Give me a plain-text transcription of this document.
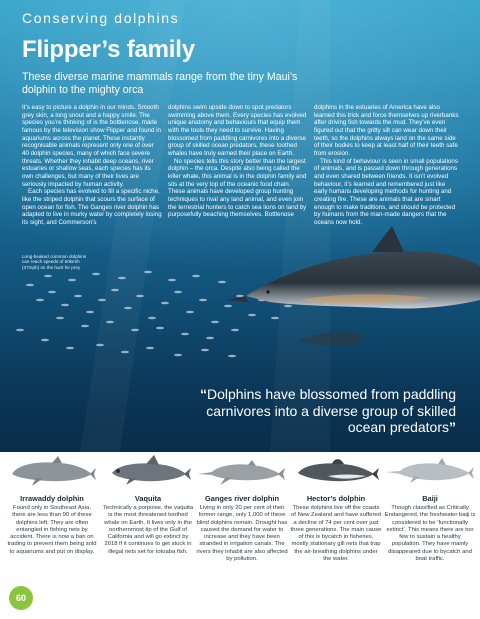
Conserving dolphins
Flipper’s family
These diverse marine mammals range from the tiny Maui’s dolphin to the mighty orca

It’s easy to picture a dolphin in our minds. Smooth grey skin, a long snout and a happy smile. The species you’re thinking of is the bottlenose, made famous by the television show Flipper and found in aquariums across the planet. These instantly recognisable animals represent only one of over 40 dolphin species, many of which face severe threats. Whether they inhabit deep oceans, river estuaries or shallow seas, each species has its own challenges, but many of their lives are seriously impacted by human activity.

Each species has evolved to fill a specific niche, like the striped dolphin that scours the surface of open ocean for fish. The Ganges river dolphin has adapted to live in murky water by completely losing its sight, and Commerson’s

dolphins swim upside down to spot predators swimming above them. Every species has evolved unique anatomy and behaviours that equip them with the tools they need to survive. Having blossomed from paddling carnivores into a diverse group of skilled ocean predators, these toothed whales have truly earned their place on Earth.

No species tells this story better than the largest dolphin – the orca. Despite also being called the killer whale, this animal is in the dolphin family and sits at the very top of the oceanic food chain. These animals have developed group hunting techniques to rival any land animal, and even join the terrestrial hunters to catch sea lions on land by purposefully beaching themselves. Bottlenose

dolphins in the estuaries of America have also learned this trick and force themselves up riverbanks after driving fish towards the mud. They’ve even figured out that the gritty silt can wear down their teeth, so the dolphins always land on the same side of their bodies to keep at least half of their teeth safe from erosion.

This kind of behaviour is seen in small populations of animals, and is passed down through generations and even shared between friends. It isn’t evolved behaviour, it’s learned and remembered just like early humans developing methods for hunting and creating fire. These are animals that are smart enough to make traditions, and should be protected by humans from the man-made dangers that the oceans now hold.

Long-beaked common dolphins
can reach speeds of 60km/h
(37mph) on the hunt for prey
“Dolphins have blossomed from paddling carnivores into a diverse group of skilled ocean predators”
Irrawaddy dolphin
Found only in Southeast Asia, there are less than 90 of these dolphins left. They are often entangled in fishing nets by accident. There is now a ban on trading to prevent them being sold to aquariums and put on display.
Vaquita
Technically a porpoise, the vaquita is the most threatened toothed whale on Earth. It lives only in the northernmost tip of the Gulf of California and will go extinct by 2018 if it continues to get stuck in illegal nets set for totoaba fish.
Ganges river dolphin
Living in only 20 per cent of their former range, only 1,000 of these blind dolphins remain. Drought has caused the demand for water to increase and they have been stranded in irrigation canals. The rivers they inhabit are also affected by pollution.
Hector’s dolphin
These dolphins live off the coasts of New Zealand and have suffered a decline of 74 per cent over just three generations. The main cause of this is bycatch in fisheries, mostly stationary gill nets that trap the air-breathing dolphins under the water.
Baiji
Though classified as Critically Endangered, the freshwater baiji is considered to be ‘functionally extinct’. This means there are too few to sustain a healthy population. They have mainly disappeared due to bycatch and boat traffic.
60
